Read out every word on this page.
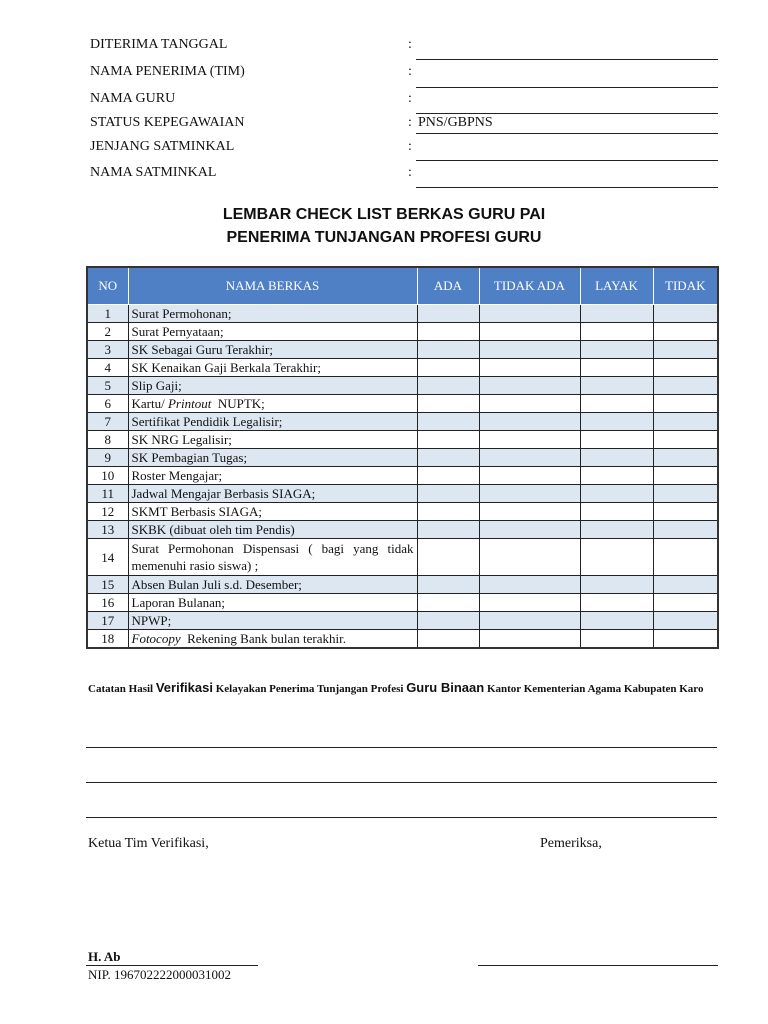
DITERIMA TANGGAL	:
NAMA PENERIMA (TIM)	:
NAMA GURU	:
STATUS KEPEGAWAIAN	: PNS/GBPNS
JENJANG SATMINKAL	:
NAMA SATMINKAL	:
LEMBAR CHECK LIST BERKAS GURU PAI
PENERIMA TUNJANGAN PROFESI GURU
NO	NAMA BERKAS	ADA	TIDAK ADA	LAYAK	TIDAK
1	Surat Permohonan;				
2	Surat Pernyataan;				
3	SK Sebagai Guru Terakhir;				
4	SK Kenaikan Gaji Berkala Terakhir;				
5	Slip Gaji;				
6	Kartu/ Printout  NUPTK;				
7	Sertifikat Pendidik Legalisir;				
8	SK NRG Legalisir;				
9	SK Pembagian Tugas;				
10	Roster Mengajar;				
11	Jadwal Mengajar Berbasis SIAGA;				
12	SKMT Berbasis SIAGA;				
13	SKBK (dibuat oleh tim Pendis)				
14	Surat Permohonan Dispensasi ( bagi yang tidak memenuhi rasio siswa) ;				
15	Absen Bulan Juli s.d. Desember;				
16	Laporan Bulanan;				
17	NPWP;				
18	Fotocopy  Rekening Bank bulan terakhir.				
Catatan Hasil Verifikasi Kelayakan Penerima Tunjangan Profesi Guru Binaan Kantor Kementerian Agama Kabupaten Karo
Ketua Tim Verifikasi,	Pemeriksa,
H. Ab
NIP. 196702222000031002
